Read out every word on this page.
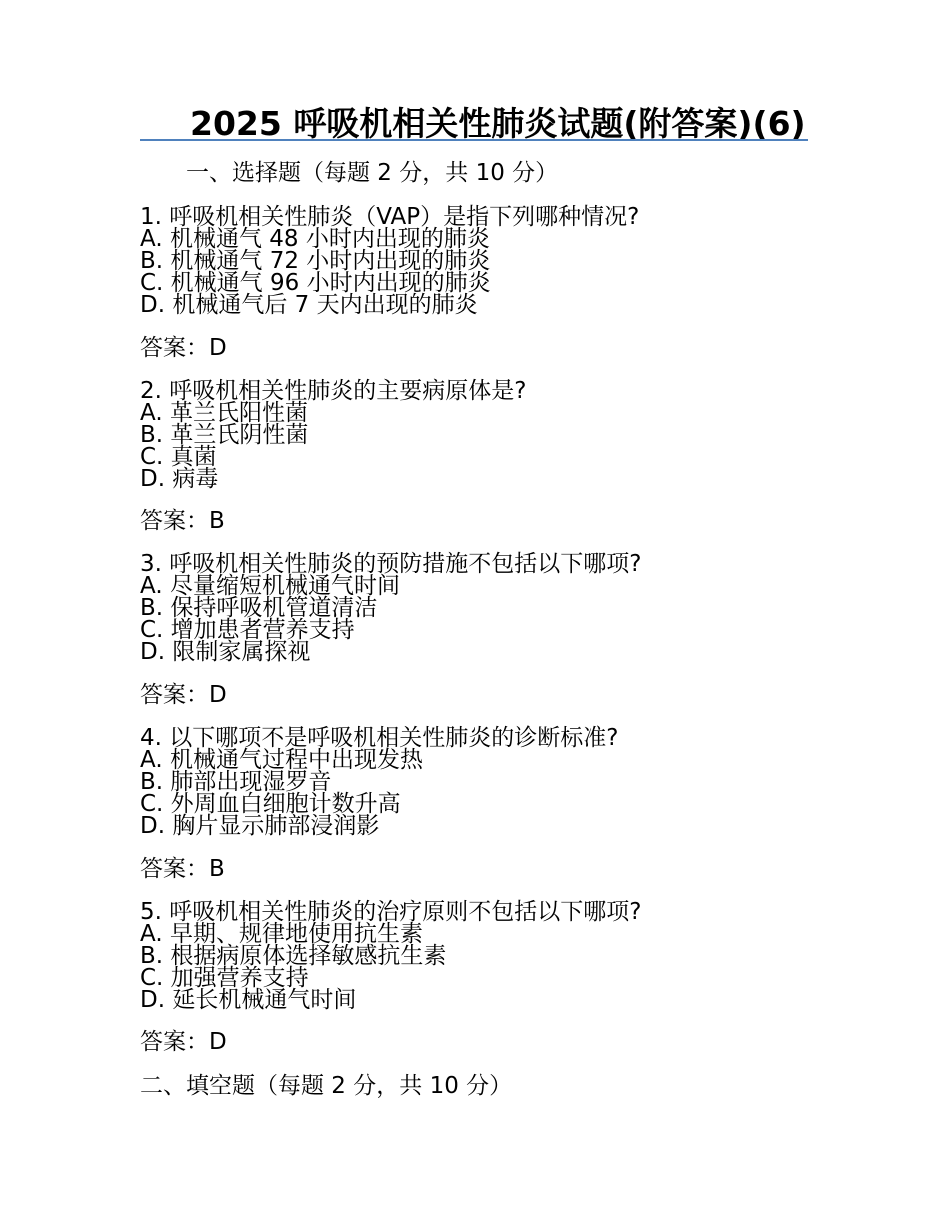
2025 呼吸机相关性肺炎试题(附答案)(6)
一、选择题（每题 2 分，共 10 分）
1. 呼吸机相关性肺炎（VAP）是指下列哪种情况?
A. 机械通气 48 小时内出现的肺炎
B. 机械通气 72 小时内出现的肺炎
C. 机械通气 96 小时内出现的肺炎
D. 机械通气后 7 天内出现的肺炎
答案：D
2. 呼吸机相关性肺炎的主要病原体是?
A. 革兰氏阳性菌
B. 革兰氏阴性菌
C. 真菌
D. 病毒
答案：B
3. 呼吸机相关性肺炎的预防措施不包括以下哪项?
A. 尽量缩短机械通气时间
B. 保持呼吸机管道清洁
C. 增加患者营养支持
D. 限制家属探视
答案：D
4. 以下哪项不是呼吸机相关性肺炎的诊断标准?
A. 机械通气过程中出现发热
B. 肺部出现湿罗音
C. 外周血白细胞计数升高
D. 胸片显示肺部浸润影
答案：B
5. 呼吸机相关性肺炎的治疗原则不包括以下哪项?
A. 早期、规律地使用抗生素
B. 根据病原体选择敏感抗生素
C. 加强营养支持
D. 延长机械通气时间
答案：D
二、填空题（每题 2 分，共 10 分）
